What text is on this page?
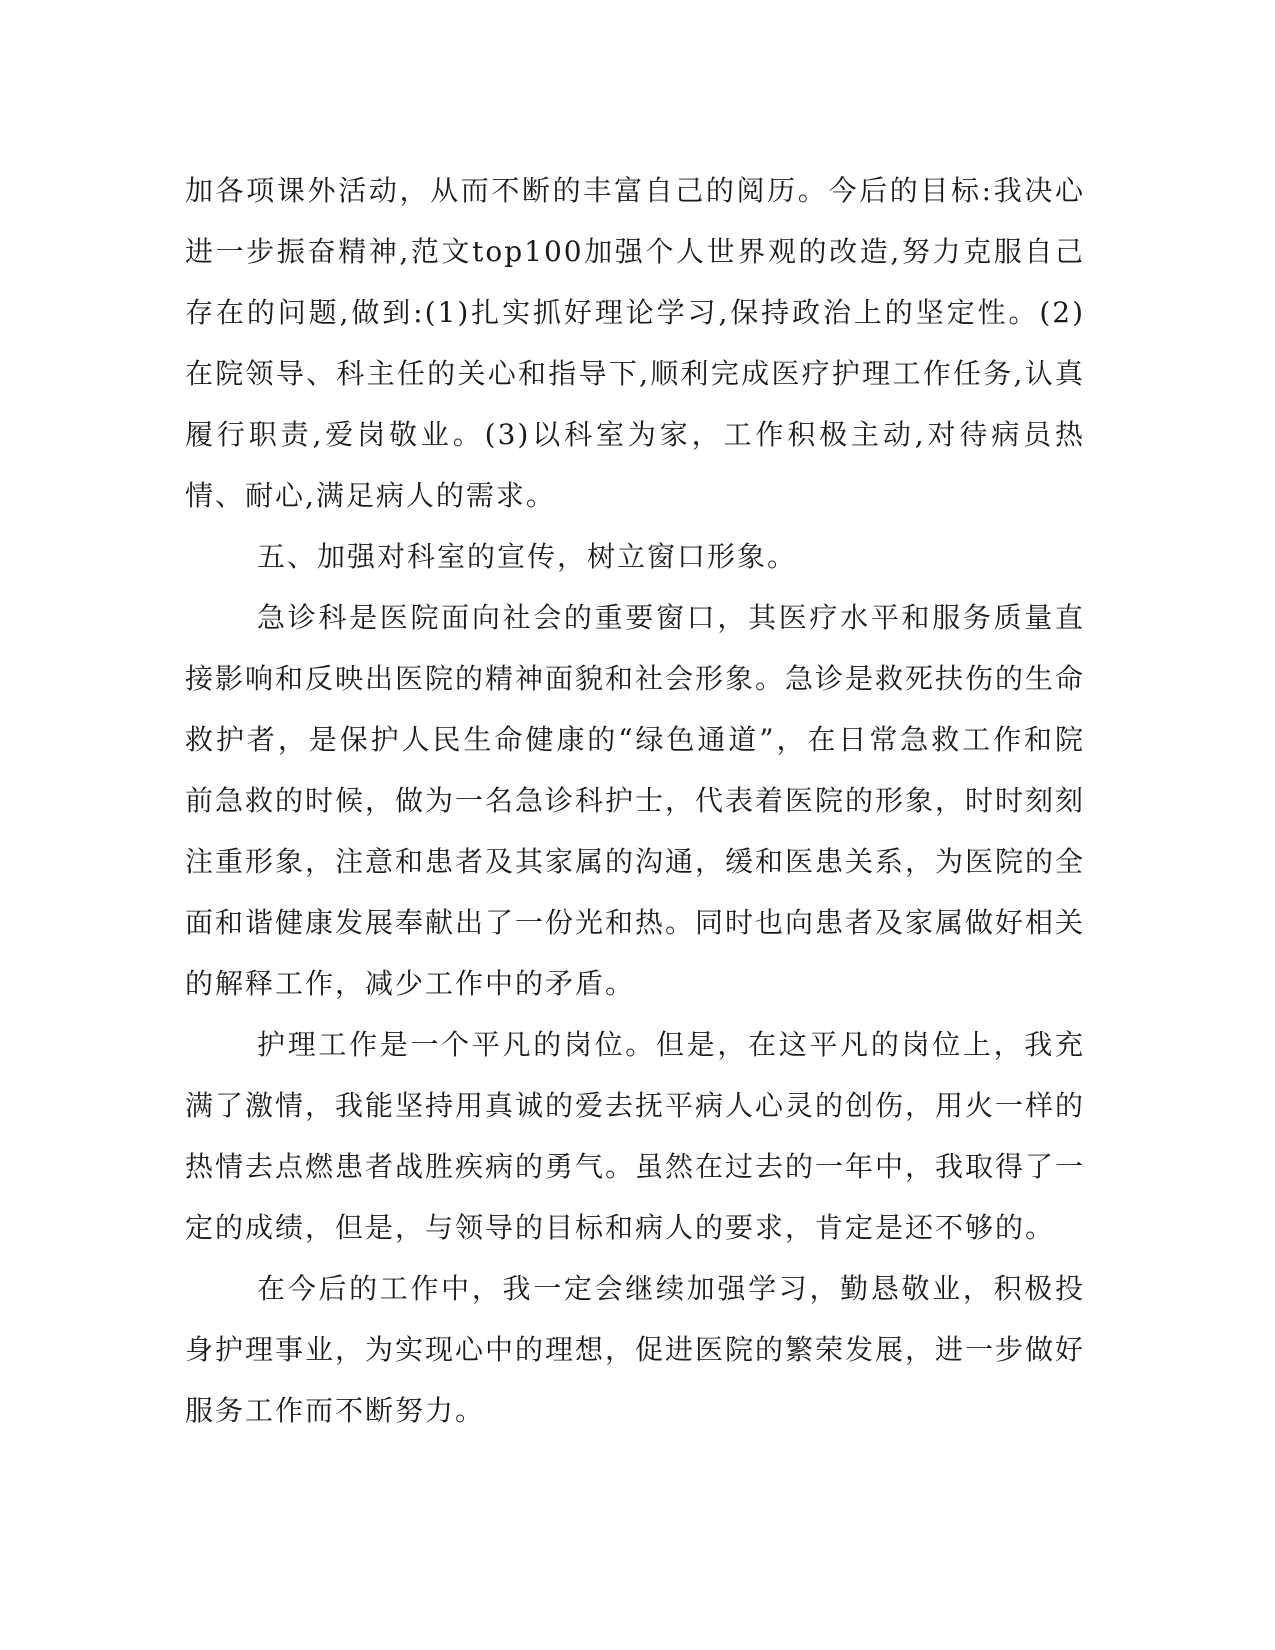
加各项课外活动，从而不断的丰富自己的阅历。今后的目标:我决心进一步振奋精神,范文top100加强个人世界观的改造,努力克服自己存在的问题,做到:(1)扎实抓好理论学习,保持政治上的坚定性。(2)在院领导、科主任的关心和指导下,顺利完成医疗护理工作任务,认真履行职责,爱岗敬业。(3)以科室为家，工作积极主动,对待病员热情、耐心,满足病人的需求。

五、加强对科室的宣传，树立窗口形象。

急诊科是医院面向社会的重要窗口，其医疗水平和服务质量直接影响和反映出医院的精神面貌和社会形象。急诊是救死扶伤的生命救护者，是保护人民生命健康的“绿色通道”，在日常急救工作和院前急救的时候，做为一名急诊科护士，代表着医院的形象，时时刻刻注重形象，注意和患者及其家属的沟通，缓和医患关系，为医院的全面和谐健康发展奉献出了一份光和热。同时也向患者及家属做好相关的解释工作，减少工作中的矛盾。

护理工作是一个平凡的岗位。但是，在这平凡的岗位上，我充满了激情，我能坚持用真诚的爱去抚平病人心灵的创伤，用火一样的热情去点燃患者战胜疾病的勇气。虽然在过去的一年中，我取得了一定的成绩，但是，与领导的目标和病人的要求，肯定是还不够的。

在今后的工作中，我一定会继续加强学习，勤恳敬业，积极投身护理事业，为实现心中的理想，促进医院的繁荣发展，进一步做好服务工作而不断努力。
